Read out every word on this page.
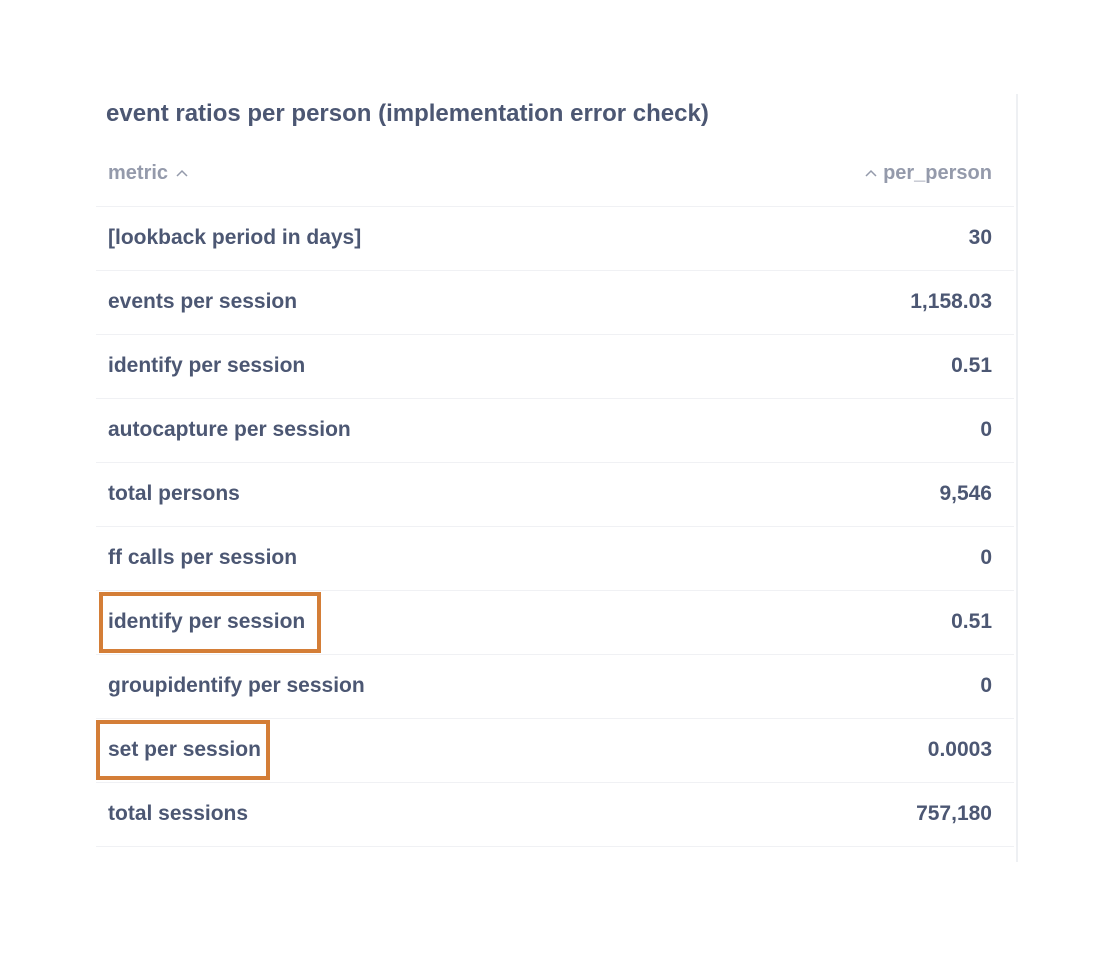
event ratios per person (implementation error check)
metric	per_person
[lookback period in days]	30
events per session	1,158.03
identify per session	0.51
autocapture per session	0
total persons	9,546
ff calls per session	0
identify per session	0.51
groupidentify per session	0
set per session	0.0003
total sessions	757,180
